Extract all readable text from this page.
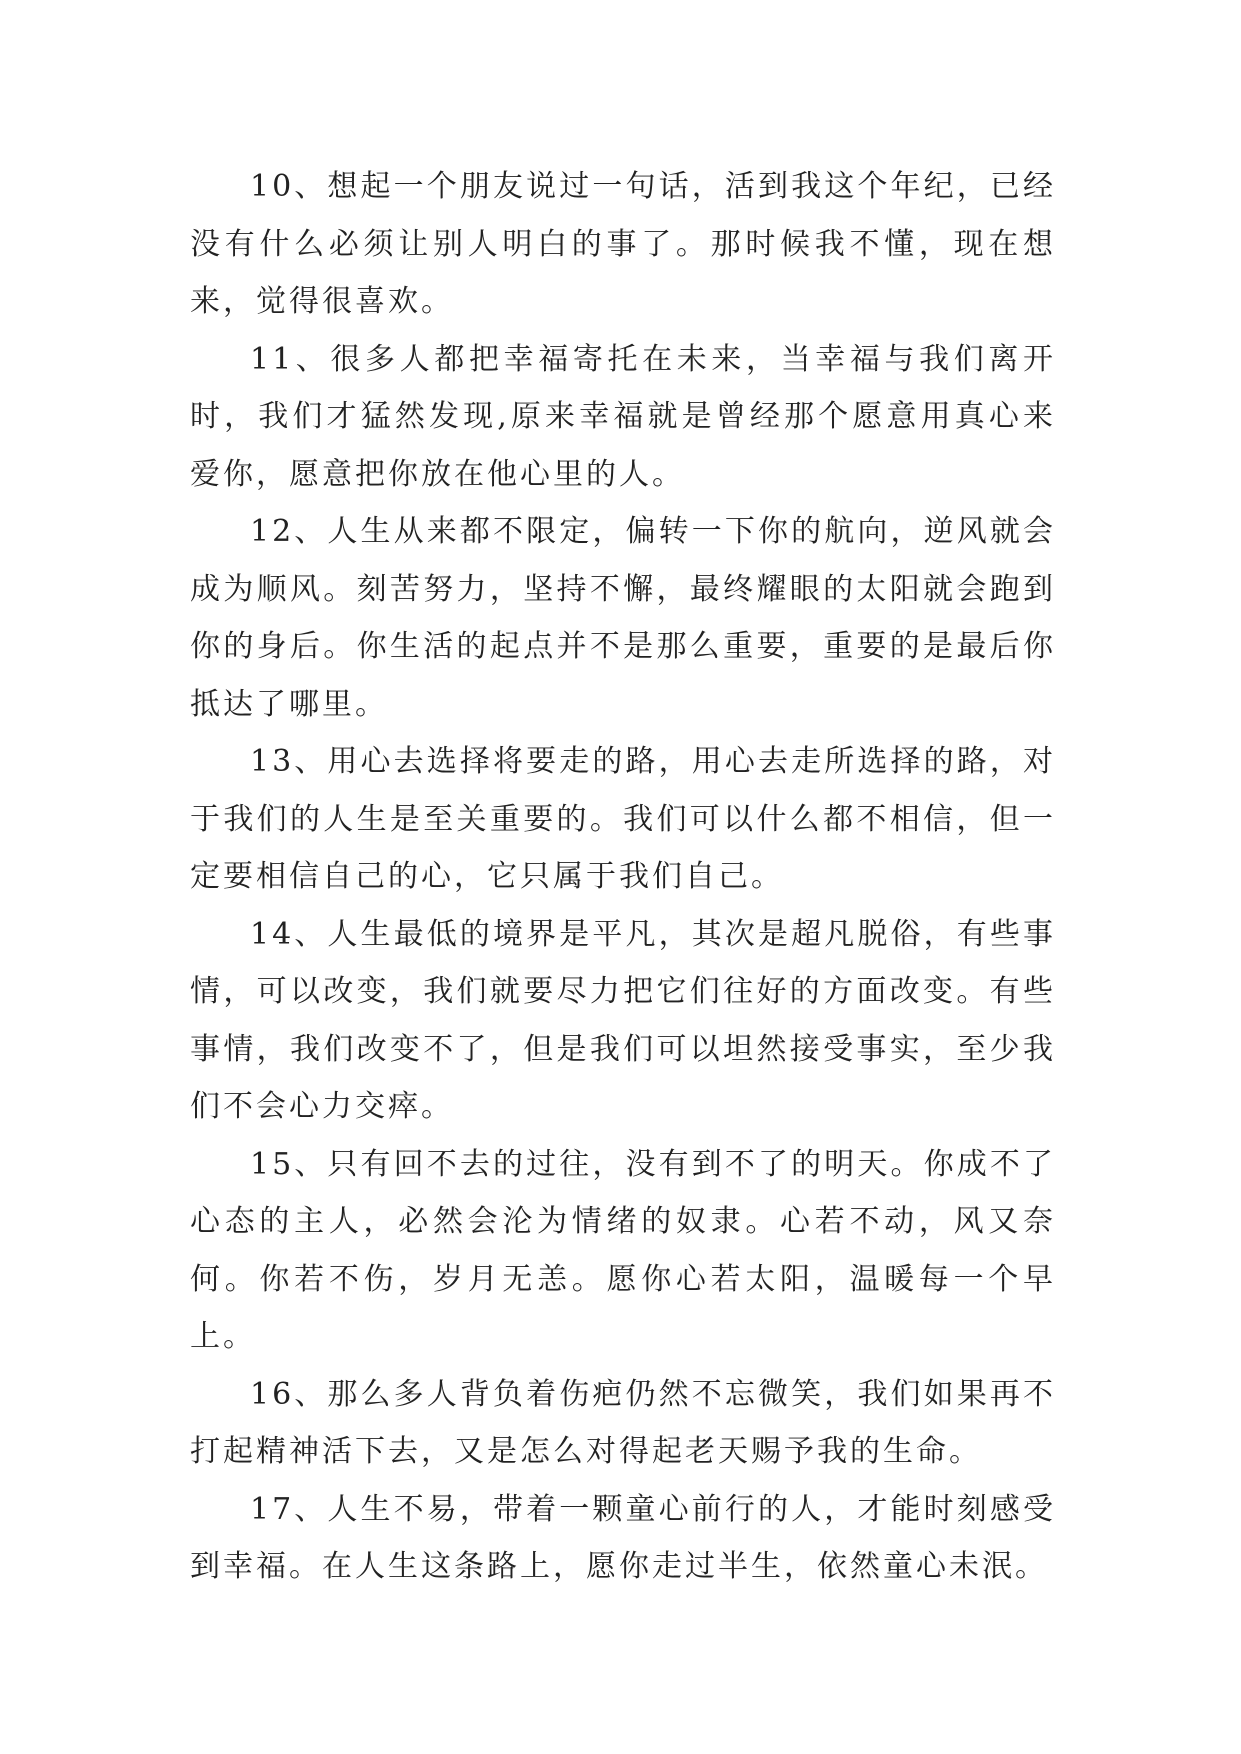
10、想起一个朋友说过一句话，活到我这个年纪，已经没有什么必须让别人明白的事了。那时候我不懂，现在想来，觉得很喜欢。

11、很多人都把幸福寄托在未来，当幸福与我们离开时，我们才猛然发现,原来幸福就是曾经那个愿意用真心来爱你，愿意把你放在他心里的人。

12、人生从来都不限定，偏转一下你的航向，逆风就会成为顺风。刻苦努力，坚持不懈，最终耀眼的太阳就会跑到你的身后。你生活的起点并不是那么重要，重要的是最后你抵达了哪里。

13、用心去选择将要走的路，用心去走所选择的路，对于我们的人生是至关重要的。我们可以什么都不相信，但一定要相信自己的心，它只属于我们自己。

14、人生最低的境界是平凡，其次是超凡脱俗，有些事情，可以改变，我们就要尽力把它们往好的方面改变。有些事情，我们改变不了，但是我们可以坦然接受事实，至少我们不会心力交瘁。

15、只有回不去的过往，没有到不了的明天。你成不了心态的主人，必然会沦为情绪的奴隶。心若不动，风又奈何。你若不伤，岁月无恙。愿你心若太阳，温暖每一个早上。

16、那么多人背负着伤疤仍然不忘微笑，我们如果再不打起精神活下去，又是怎么对得起老天赐予我的生命。

17、人生不易，带着一颗童心前行的人，才能时刻感受到幸福。在人生这条路上，愿你走过半生，依然童心未泯。
